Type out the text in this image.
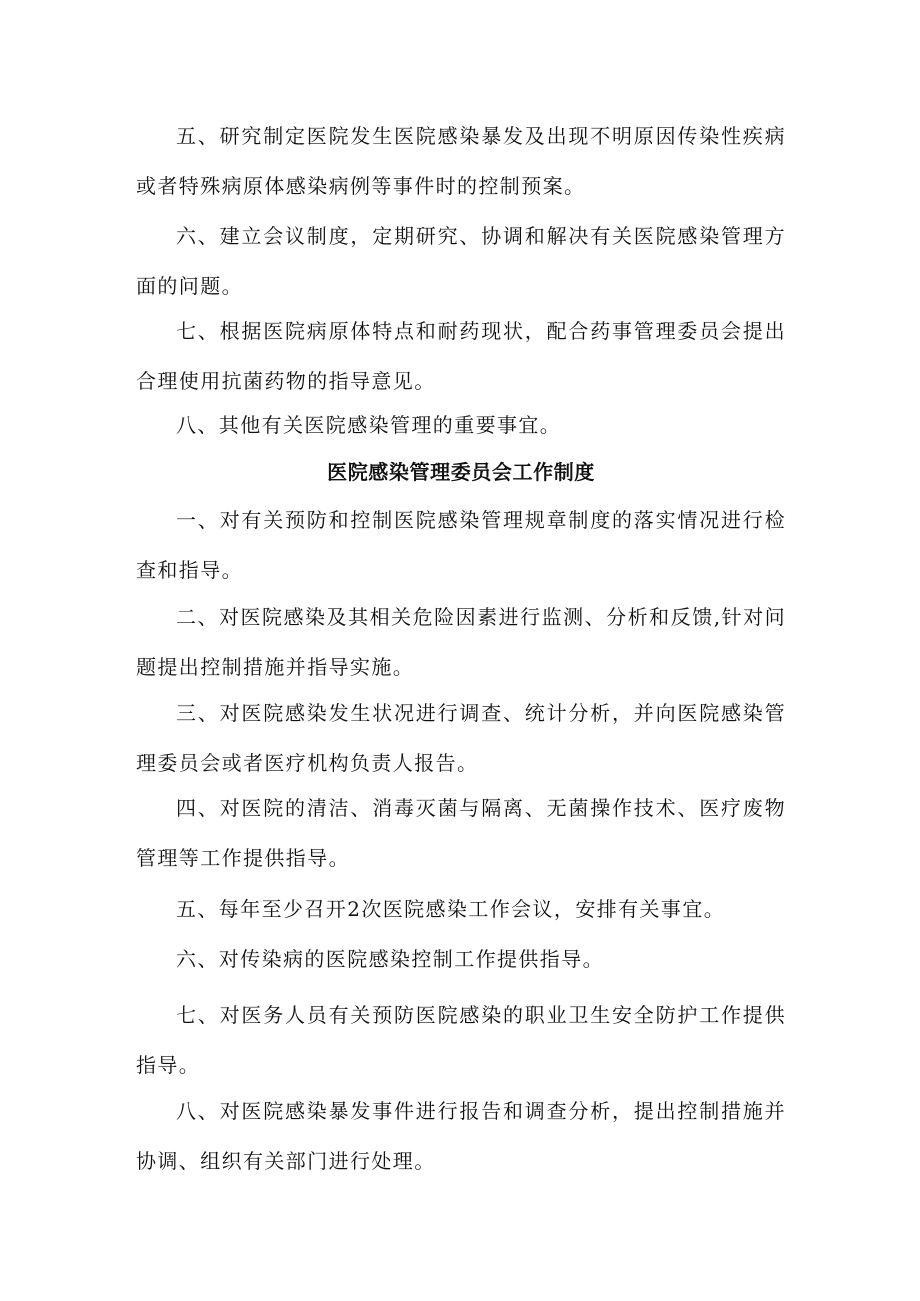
五、研究制定医院发生医院感染暴发及出现不明原因传染性疾病或者特殊病原体感染病例等事件时的控制预案。

六、建立会议制度，定期研究、协调和解决有关医院感染管理方面的问题。

七、根据医院病原体特点和耐药现状，配合药事管理委员会提出合理使用抗菌药物的指导意见。

八、其他有关医院感染管理的重要事宜。

医院感染管理委员会工作制度

一、对有关预防和控制医院感染管理规章制度的落实情况进行检查和指导。

二、对医院感染及其相关危险因素进行监测、分析和反馈,针对问题提出控制措施并指导实施。

三、对医院感染发生状况进行调查、统计分析，并向医院感染管理委员会或者医疗机构负责人报告。

四、对医院的清洁、消毒灭菌与隔离、无菌操作技术、医疗废物管理等工作提供指导。

五、每年至少召开2次医院感染工作会议，安排有关事宜。

六、对传染病的医院感染控制工作提供指导。

七、对医务人员有关预防医院感染的职业卫生安全防护工作提供指导。

八、对医院感染暴发事件进行报告和调查分析，提出控制措施并协调、组织有关部门进行处理。
